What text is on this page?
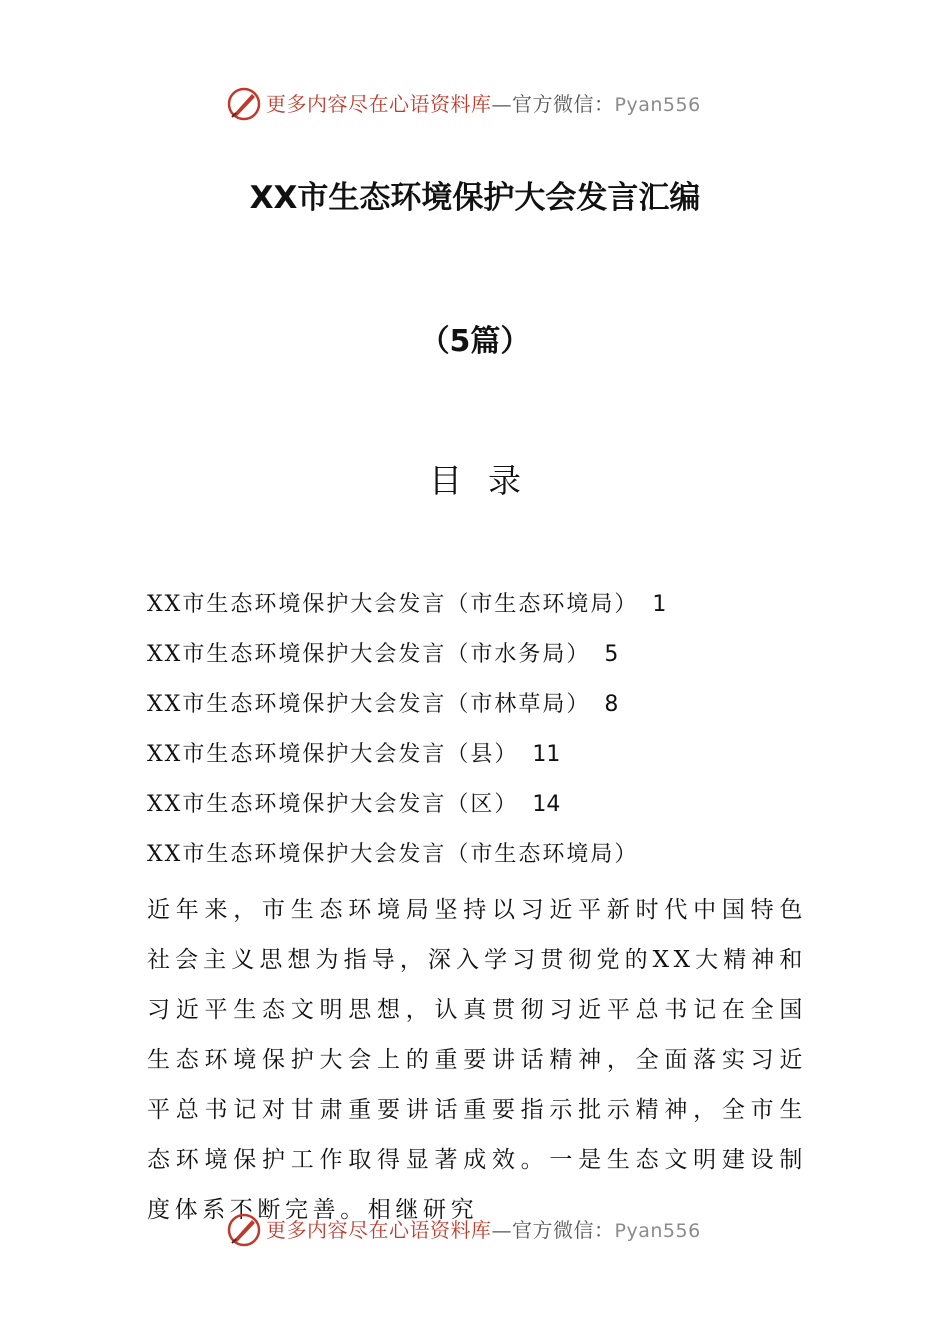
更多内容尽在心语资料库—官方微信：Pyan556
XX市生态环境保护大会发言汇编
（5篇）
目录
XX市生态环境保护大会发言（市生态环境局） 1
XX市生态环境保护大会发言（市水务局） 5
XX市生态环境保护大会发言（市林草局） 8
XX市生态环境保护大会发言（县） 11
XX市生态环境保护大会发言（区） 14
XX市生态环境保护大会发言（市生态环境局）
近年来，市生态环境局坚持以习近平新时代中国特色社会主义思想为指导，深入学习贯彻党的XX大精神和习近平生态文明思想，认真贯彻习近平总书记在全国生态环境保护大会上的重要讲话精神，全面落实习近平总书记对甘肃重要讲话重要指示批示精神，全市生态环境保护工作取得显著成效。一是生态文明建设制度体系不断完善。相继研究
更多内容尽在心语资料库—官方微信：Pyan556
